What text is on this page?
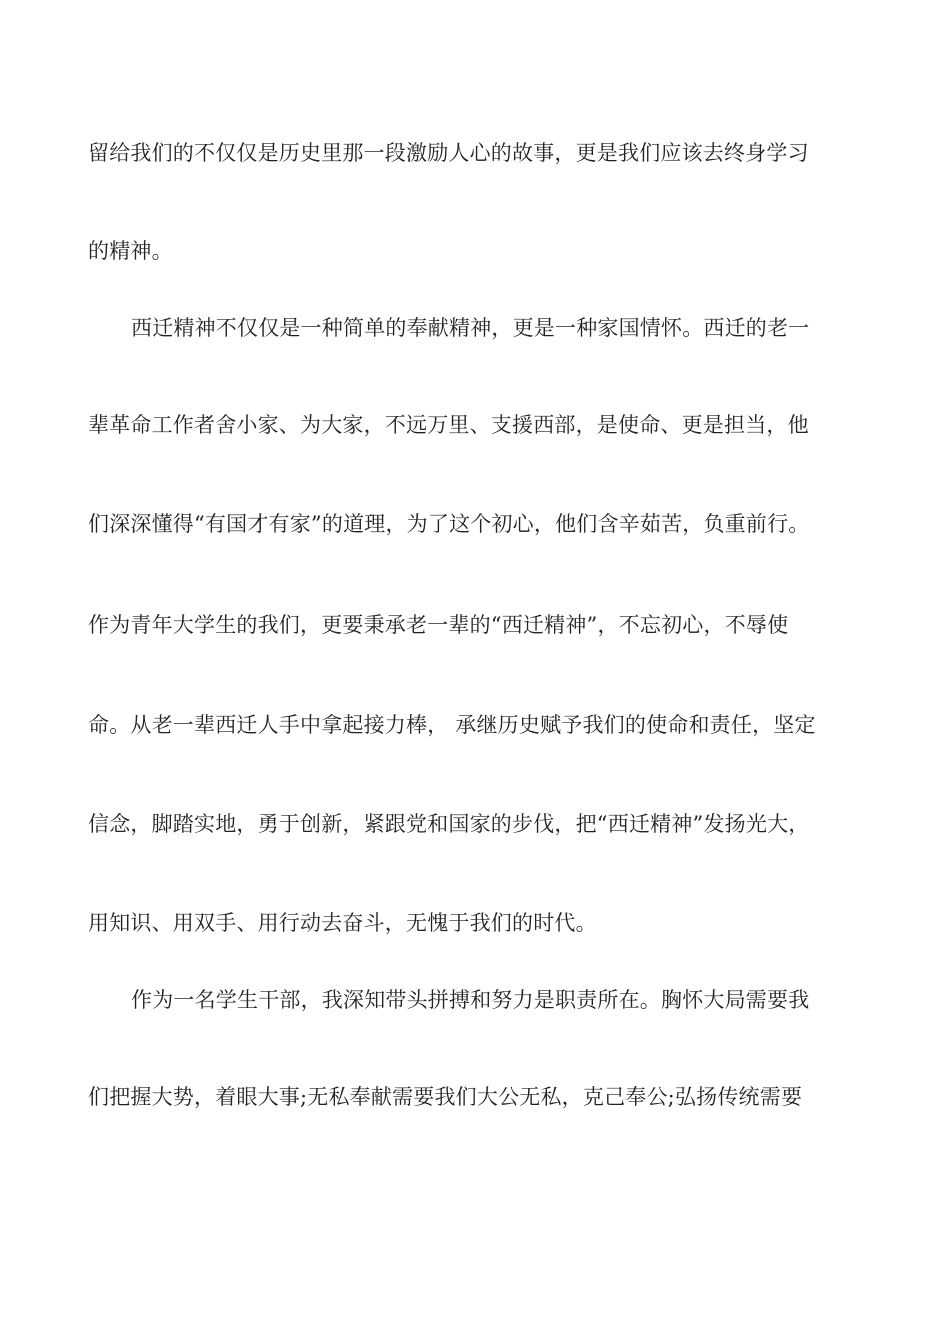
留给我们的不仅仅是历史里那一段激励人心的故事，更是我们应该去终身学习
的精神。
西迁精神不仅仅是一种简单的奉献精神，更是一种家国情怀。西迁的老一
辈革命工作者舍小家、为大家，不远万里、支援西部，是使命、更是担当，他
们深深懂得“有国才有家”的道理，为了这个初心，他们含辛茹苦，负重前行。
作为青年大学生的我们，更要秉承老一辈的“西迁精神”，不忘初心，不辱使
命。从老一辈西迁人手中拿起接力棒， 承继历史赋予我们的使命和责任，坚定
信念，脚踏实地，勇于创新，紧跟党和国家的步伐，把“西迁精神”发扬光大，
用知识、用双手、用行动去奋斗，无愧于我们的时代。
作为一名学生干部，我深知带头拼搏和努力是职责所在。胸怀大局需要我
们把握大势，着眼大事;无私奉献需要我们大公无私，克己奉公;弘扬传统需要
